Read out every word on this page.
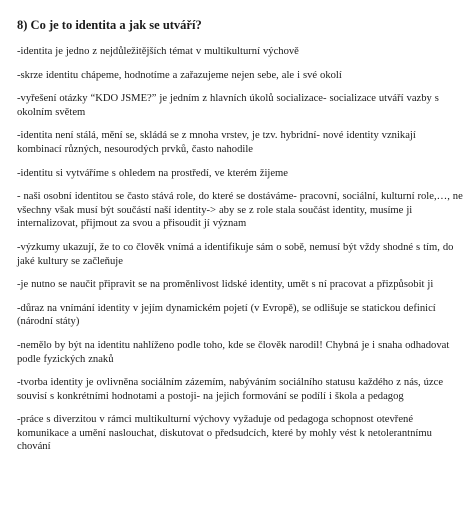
8) Co je to identita a jak se utváří?
-identita je jedno z nejdůležitějších témat v multikulturní výchově
-skrze identitu chápeme, hodnotíme a zařazujeme nejen sebe, ale i své okolí
-vyřešení otázky “KDO JSME?” je jedním z hlavních úkolů socializace- socializace utváří vazby s okolním světem
-identita není stálá, mění se, skládá se z mnoha vrstev, je tzv. hybridní- nové identity vznikají kombinací různých, nesourodých prvků, často nahodile
-identitu si vytváříme s ohledem na prostředí, ve kterém žijeme
- naši osobní identitou se často stává role, do které se dostáváme- pracovní, sociální, kulturní role,…, ne všechny však musí být součástí naší identity-> aby se z role stala součást identity, musíme ji internalizovat, přijmout za svou a přisoudit jí význam
-výzkumy ukazují, že to co člověk vnímá a identifikuje sám o sobě, nemusí být vždy shodné s tím, do jaké kultury se začleňuje
-je nutno se naučit připravit se na proměnlivost lidské identity, umět s ní pracovat a přizpůsobit ji
-důraz na vnímání identity v jejím dynamickém pojetí (v Evropě), se odlišuje se statickou definicí (národní státy)
-nemělo by být na identitu nahlíženo podle toho, kde se člověk narodil! Chybná je i snaha odhadovat podle fyzických znaků
-tvorba identity je ovlivněna sociálním zázemím, nabýváním sociálního statusu každého z nás, úzce souvisí s konkrétními hodnotami a postoji- na jejich formování se podílí i škola a pedagog
-práce s diverzitou v rámci multikulturní výchovy vyžaduje od pedagoga schopnost otevřené komunikace a umění naslouchat, diskutovat o předsudcích, které by mohly vést k netolerantnímu chování
